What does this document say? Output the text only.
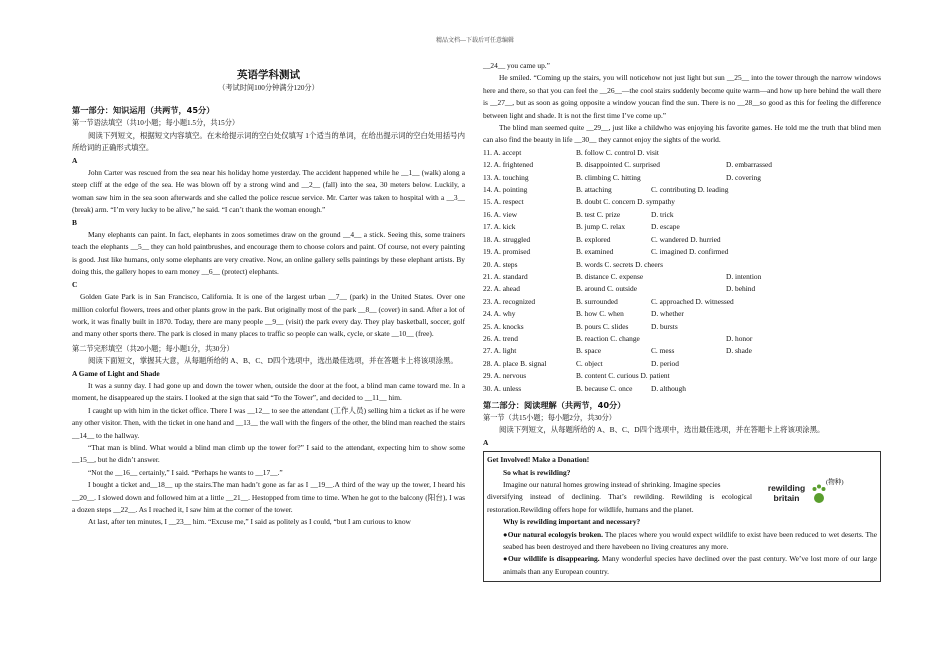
精品文档---下载后可任意编辑
英语学科测试
（考试时间100分钟满分120分）
第一部分：知识运用（共两节，45分）
第一节语法填空（共10小题；每小题1.5分，共15分）
阅读下列短文，根据短文内容填空。在未给提示词的空白处仅填写 1个适当的单词，在给出提示词的空白处用括号内所给词的正确形式填空。
A
John Carter was rescued from the sea near his holiday home yesterday. The accident happened while he __1__ (walk) along a steep cliff at the edge of the sea. He was blown off by a strong wind and __2__ (fall) into the sea, 30 meters below. Luckily, a woman saw him in the sea soon afterwards and she called the police rescue service. Mr. Carter was taken to hospital with a __3__ (break) arm. “I’m very lucky to be alive,” he said. “I can’t thank the woman enough.”
B
Many elephants can paint. In fact, elephants in zoos sometimes draw on the ground __4__ a stick. Seeing this, some trainers teach the elephants __5__ they can hold paintbrushes, and encourage them to choose colors and paint. Of course, not every painting is good. Just like humans, only some elephants are very creative. Now, an online gallery sells paintings by these elephant artists. By doing this, the gallery hopes to earn money __6__ (protect) elephants.
C
Golden Gate Park is in San Francisco, California. It is one of the largest urban __7__ (park) in the United States. Over one million colorful flowers, trees and other plants grow in the park. But originally most of the park __8__ (cover) in sand. After a lot of work, it was finally built in 1870. Today, there are many people __9__ (visit) the park every day. They play basketball, soccer, golf and many other sports there. The park is closed in many places to traffic so people can walk, cycle, or skate __10__ (free).
第二节完形填空（共20小题；每小题1分，共30分）
阅读下面短文，掌握其大意，从每题所给的 A、B、C、D四个选项中，选出最佳选项，并在答题卡上将该项涂黑。
A Game of Light and Shade
It was a sunny day. I had gone up and down the tower when, outside the door at the foot, a blind man came toward me. In a moment, he disappeared up the stairs. I looked at the sign that said “To the Tower”, and decided to __11__ him.
I caught up with him in the ticket office. There I was __12__ to see the attendant (工作人员) selling him a ticket as if he were any other visitor. Then, with the ticket in one hand and __13__ the wall with the fingers of the other, the blind man reached the stairs __14__ to the hallway.
“That man is blind. What would a blind man climb up the tower for?” I said to the attendant, expecting him to show some __15__, but he didn’t answer.
“Not the __16__ certainly,” I said. “Perhaps he wants to __17__.”
I bought a ticket and__18__ up the stairs.The man hadn’t gone as far as I __19__.A third of the way up the tower, I heard his __20__. I slowed down and followed him at a little __21__. Hestopped from time to time. When he got to the balcony (阳台), I was a dozen steps __22__. As I reached it, I saw him at the corner of the tower.
At last, after ten minutes, I __23__ him. “Excuse me,” I said as politely as I could, “but I am curious to know
__24__ you came up.”
He smiled. “Coming up the stairs, you will noticehow not just light but sun __25__ into the tower through the narrow windows here and there, so that you can feel the __26__—the cool stairs suddenly become quite warm—and how up here behind the wall there is __27__, but as soon as going opposite a window youcan find the sun. There is no __28__so good as this for feeling the difference between light and shade. It is not the first time I’ve come up.”
The blind man seemed quite __29__, just like a childwho was enjoying his favorite games. He told me the truth that blind men can also find the beauty in life __30__ they cannot enjoy the sights of the world.
11. A. accept	B. follow C. control D. visit
12. A. frightened	B. disappointed C. surprised	D. embarrassed
13. A. touching	B. climbing C. hitting	D. covering
14. A. pointing	B. attaching	C. contributing D. leading
15. A. respect	B. doubt C. concern D. sympathy
16. A. view	B. test C. prize	D. trick
17. A. kick	B. jump C. relax	D. escape
18. A. struggled	B. explored	C. wandered D. hurried
19. A. promised	B. examined	C. imagined D. confirmed
20. A. steps	B. words C. secrets D. cheers
21. A. standard	B. distance C. expense	D. intention
22. A. ahead	B. around C. outside	D. behind
23. A. recognized	B. surrounded	C. approached D. witnessed
24. A. why	B. how C. when	D. whether
25. A. knocks	B. pours C. slides	D. bursts
26. A. trend	B. reaction C. change	D. honor
27. A. light	B. space	C. mess	D. shade
28. A. place B. signal	C. object	D. period
29. A. nervous	B. content C. curious D. patient
30. A. unless	B. because C. once	D. although
第二部分：阅读理解（共两节，40分）
第一节（共15小题；每小题2分，共30分）
阅读下列短文，从每题所给的 A、B、C、D四个选项中，选出最佳选项，并在答题卡上将该项涂黑。
A
Get Involved! Make a Donation!
So what is rewilding?
Imagine our natural homes growing instead of shrinking. Imagine species
diversifying instead of declining. That’s rewilding. Rewilding is ecological restoration.Rewilding offers hope for wildlife, humans and the planet.
(物种)
rewilding
britain
Why is rewilding important and necessary?
●Our natural ecologyis broken. The places where you would expect wildlife to exist have been reduced to wet deserts. The seabed has been destroyed and there havebeen no living creatures any more.
●Our wildlife is disappearing. Many wonderful species have declined over the past century. We’ve lost more of our large animals than any European country.
